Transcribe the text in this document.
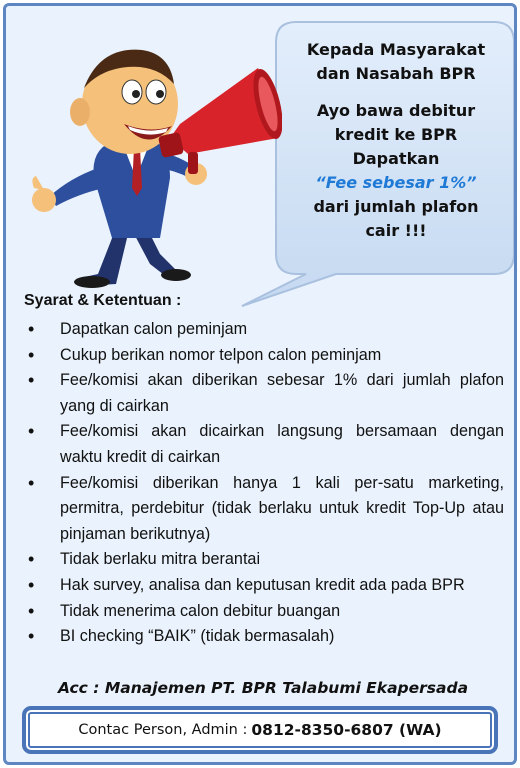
Kepada Masyarakat
dan Nasabah BPR
Ayo bawa debitur
kredit ke BPR
Dapatkan
“Fee sebesar 1%”
dari jumlah plafon
cair !!!
Syarat & Ketentuan :
• Dapatkan calon peminjam
• Cukup berikan nomor telpon calon peminjam
• Fee/komisi akan diberikan sebesar 1% dari jumlah plafon yang di cairkan
• Fee/komisi akan dicairkan langsung bersamaan dengan waktu kredit di cairkan
• Fee/komisi diberikan hanya 1 kali per-satu marketing, permitra, perdebitur (tidak berlaku untuk kredit Top-Up atau pinjaman berikutnya)
• Tidak berlaku mitra berantai
• Hak survey, analisa dan keputusan kredit ada pada BPR
• Tidak menerima calon debitur buangan
• BI checking “BAIK” (tidak bermasalah)
Acc : Manajemen PT. BPR Talabumi Ekapersada
Contac Person, Admin : 0812-8350-6807 (WA)
